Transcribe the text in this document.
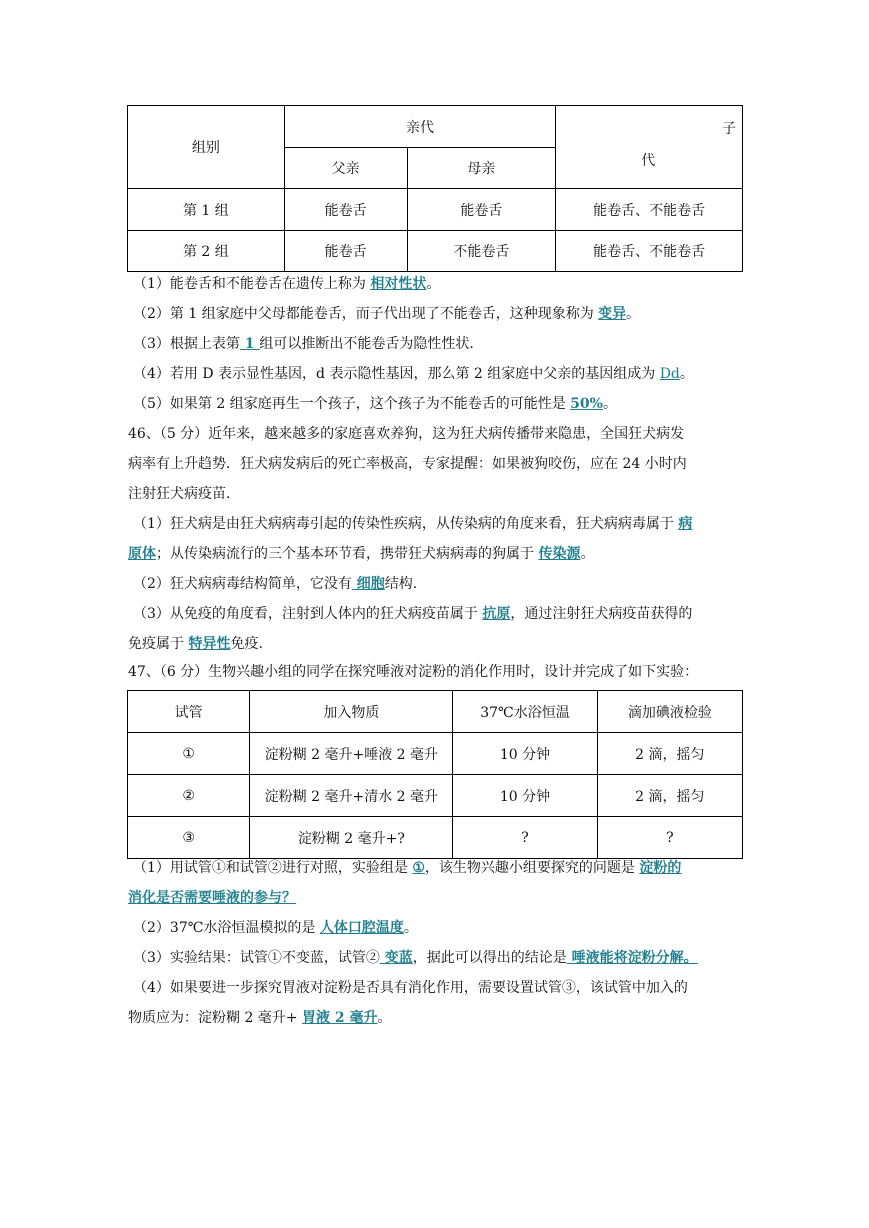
组别	亲代		子
代

	父亲	母亲	
第 1 组	能卷舌	能卷舌	能卷舌、不能卷舌
第 2 组	能卷舌	不能卷舌	能卷舌、不能卷舌
（1）能卷舌和不能卷舌在遗传上称为 相对性状。
（2）第 1 组家庭中父母都能卷舌，而子代出现了不能卷舌，这种现象称为 变异。
（3）根据上表第 1 组可以推断出不能卷舌为隐性性状.
（4）若用 D 表示显性基因，d 表示隐性基因，那么第 2 组家庭中父亲的基因组成为 Dd。
（5）如果第 2 组家庭再生一个孩子，这个孩子为不能卷舌的可能性是 50%。
46、（5 分）近年来，越来越多的家庭喜欢养狗，这为狂犬病传播带来隐患，全国狂犬病发
病率有上升趋势．狂犬病发病后的死亡率极高，专家提醒：如果被狗咬伤，应在 24 小时内
注射狂犬病疫苗.
（1）狂犬病是由狂犬病病毒引起的传染性疾病，从传染病的角度来看，狂犬病病毒属于 病
原体；从传染病流行的三个基本环节看，携带狂犬病病毒的狗属于 传染源。
（2）狂犬病病毒结构简单，它没有 细胞结构.
（3）从免疫的角度看，注射到人体内的狂犬病疫苗属于 抗原，通过注射狂犬病疫苗获得的
免疫属于 特异性免疫.
47、（6 分）生物兴趣小组的同学在探究唾液对淀粉的消化作用时，设计并完成了如下实验：
试管	加入物质	37℃水浴恒温	滴加碘液检验
①	淀粉糊 2 毫升+唾液 2 毫升	10 分钟	2 滴，摇匀
②	淀粉糊 2 毫升+清水 2 毫升	10 分钟	2 滴，摇匀
③	淀粉糊 2 毫升+?	?	?
（1）用试管①和试管②进行对照，实验组是 ①，该生物兴趣小组要探究的问题是 淀粉的
消化是否需要唾液的参与？
（2）37℃水浴恒温模拟的是 人体口腔温度。
（3）实验结果：试管①不变蓝，试管② 变蓝，据此可以得出的结论是 唾液能将淀粉分解。
（4）如果要进一步探究胃液对淀粉是否具有消化作用，需要设置试管③，该试管中加入的
物质应为：淀粉糊 2 毫升+ 胃液 2 毫升。
